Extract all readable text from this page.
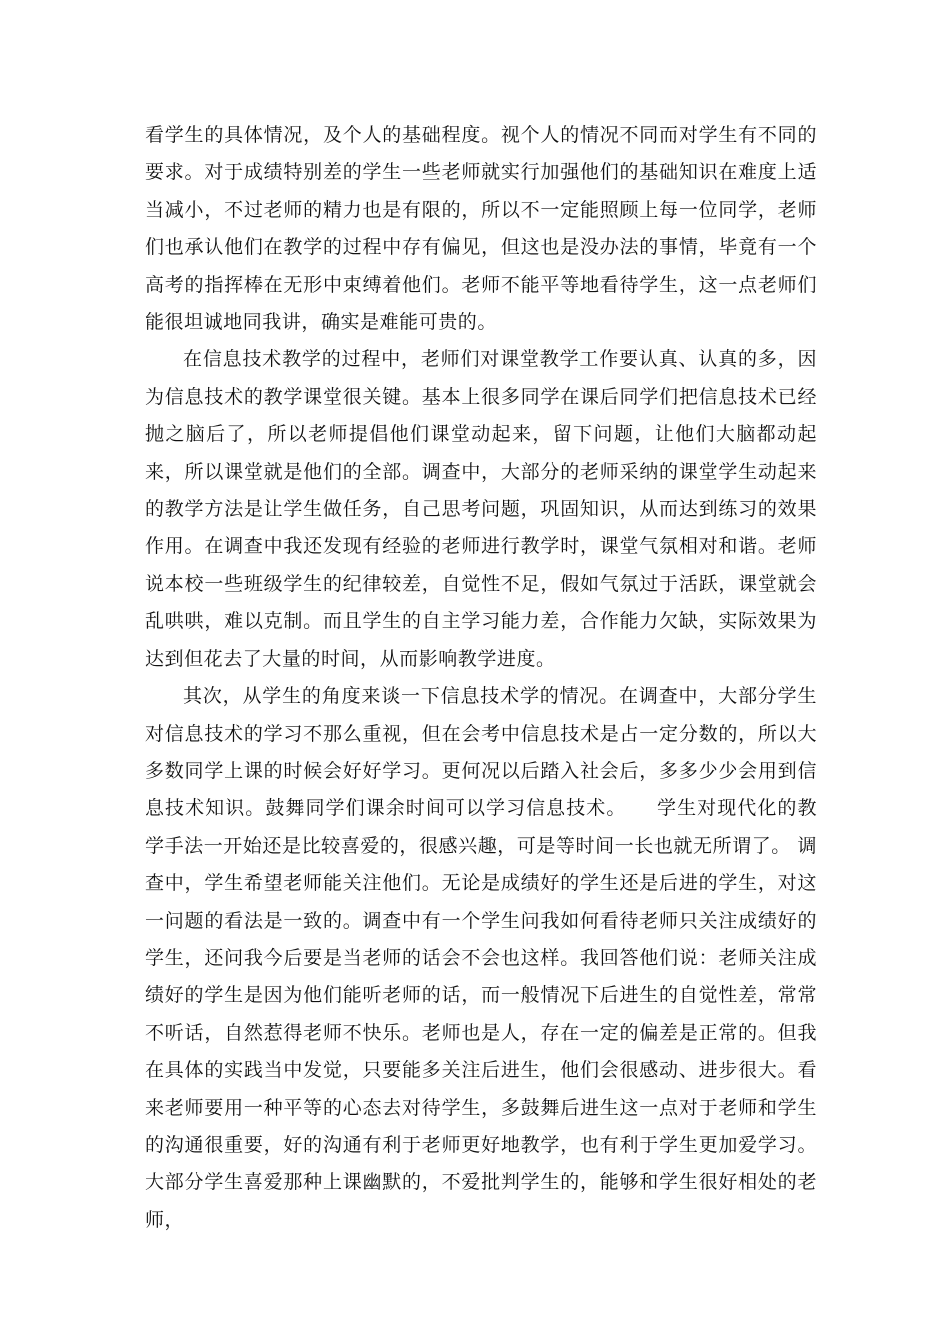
看学生的具体情况，及个人的基础程度。视个人的情况不同而对学生有不同的要求。对于成绩特别差的学生一些老师就实行加强他们的基础知识在难度上适当减小，不过老师的精力也是有限的，所以不一定能照顾上每一位同学，老师们也承认他们在教学的过程中存有偏见，但这也是没办法的事情，毕竟有一个高考的指挥棒在无形中束缚着他们。老师不能平等地看待学生，这一点老师们能很坦诚地同我讲，确实是难能可贵的。

在信息技术教学的过程中，老师们对课堂教学工作要认真、认真的多，因为信息技术的教学课堂很关键。基本上很多同学在课后同学们把信息技术已经抛之脑后了，所以老师提倡他们课堂动起来，留下问题，让他们大脑都动起来，所以课堂就是他们的全部。调查中，大部分的老师采纳的课堂学生动起来的教学方法是让学生做任务，自己思考问题，巩固知识，从而达到练习的效果作用。在调查中我还发现有经验的老师进行教学时，课堂气氛相对和谐。老师说本校一些班级学生的纪律较差，自觉性不足，假如气氛过于活跃，课堂就会乱哄哄，难以克制。而且学生的自主学习能力差，合作能力欠缺，实际效果为达到但花去了大量的时间，从而影响教学进度。

其次，从学生的角度来谈一下信息技术学的情况。在调查中，大部分学生对信息技术的学习不那么重视，但在会考中信息技术是占一定分数的，所以大多数同学上课的时候会好好学习。更何况以后踏入社会后，多多少少会用到信息技术知识。鼓舞同学们课余时间可以学习信息技术。　　学生对现代化的教学手法一开始还是比较喜爱的，很感兴趣，可是等时间一长也就无所谓了。 调查中，学生希望老师能关注他们。无论是成绩好的学生还是后进的学生，对这一问题的看法是一致的。调查中有一个学生问我如何看待老师只关注成绩好的学生，还问我今后要是当老师的话会不会也这样。我回答他们说：老师关注成绩好的学生是因为他们能听老师的话，而一般情况下后进生的自觉性差，常常不听话，自然惹得老师不快乐。老师也是人，存在一定的偏差是正常的。但我在具体的实践当中发觉，只要能多关注后进生，他们会很感动、进步很大。看来老师要用一种平等的心态去对待学生，多鼓舞后进生这一点对于老师和学生的沟通很重要，好的沟通有利于老师更好地教学，也有利于学生更加爱学习。大部分学生喜爱那种上课幽默的，不爱批判学生的，能够和学生很好相处的老师，
